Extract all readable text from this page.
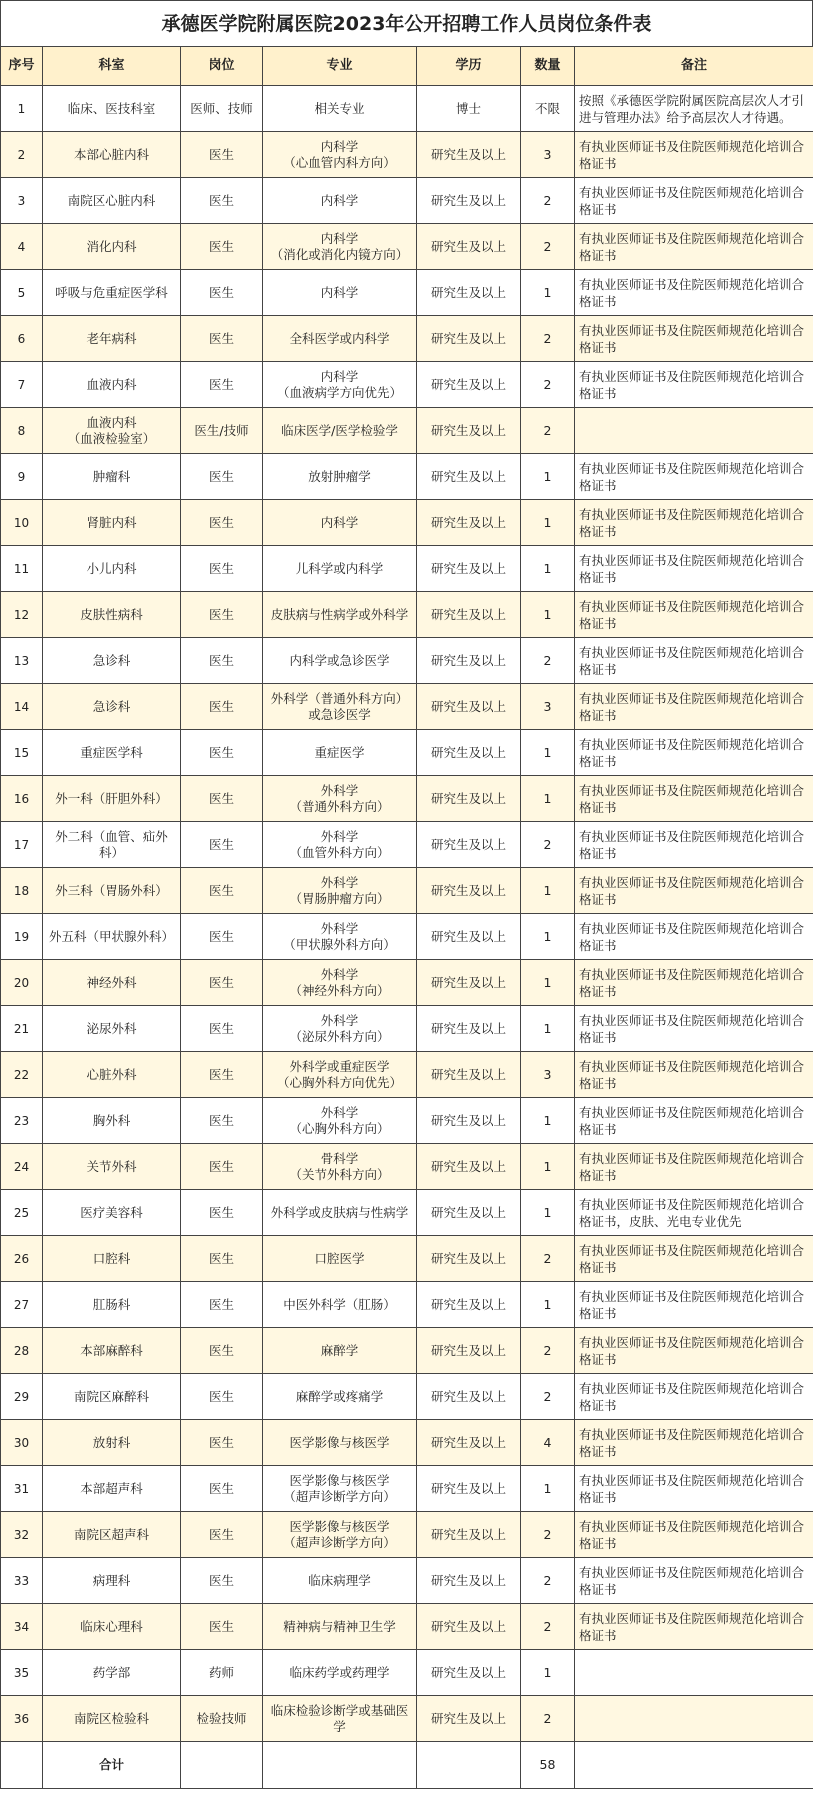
承德医学院附属医院2023年公开招聘工作人员岗位条件表
序号	科室	岗位	专业	学历	数量	备注
1	临床、医技科室	医师、技师	相关专业	博士	不限	按照《承德医学院附属医院高层次人才引进与管理办法》给予高层次人才待遇。
2	本部心脏内科	医生	内科学
（心血管内科方向）	研究生及以上	3	有执业医师证书及住院医师规范化培训合格证书
3	南院区心脏内科	医生	内科学	研究生及以上	2	有执业医师证书及住院医师规范化培训合格证书
4	消化内科	医生	内科学
（消化或消化内镜方向）	研究生及以上	2	有执业医师证书及住院医师规范化培训合格证书
5	呼吸与危重症医学科	医生	内科学	研究生及以上	1	有执业医师证书及住院医师规范化培训合格证书
6	老年病科	医生	全科医学或内科学	研究生及以上	2	有执业医师证书及住院医师规范化培训合格证书
7	血液内科	医生	内科学
（血液病学方向优先）	研究生及以上	2	有执业医师证书及住院医师规范化培训合格证书
8	血液内科
（血液检验室）	医生/技师	临床医学/医学检验学	研究生及以上	2	
9	肿瘤科	医生	放射肿瘤学	研究生及以上	1	有执业医师证书及住院医师规范化培训合格证书
10	肾脏内科	医生	内科学	研究生及以上	1	有执业医师证书及住院医师规范化培训合格证书
11	小儿内科	医生	儿科学或内科学	研究生及以上	1	有执业医师证书及住院医师规范化培训合格证书
12	皮肤性病科	医生	皮肤病与性病学或外科学	研究生及以上	1	有执业医师证书及住院医师规范化培训合格证书
13	急诊科	医生	内科学或急诊医学	研究生及以上	2	有执业医师证书及住院医师规范化培训合格证书
14	急诊科	医生	外科学（普通外科方向）
或急诊医学	研究生及以上	3	有执业医师证书及住院医师规范化培训合格证书
15	重症医学科	医生	重症医学	研究生及以上	1	有执业医师证书及住院医师规范化培训合格证书
16	外一科（肝胆外科）	医生	外科学
（普通外科方向）	研究生及以上	1	有执业医师证书及住院医师规范化培训合格证书
17	外二科（血管、疝外科）	医生	外科学
（血管外科方向）	研究生及以上	2	有执业医师证书及住院医师规范化培训合格证书
18	外三科（胃肠外科）	医生	外科学
（胃肠肿瘤方向）	研究生及以上	1	有执业医师证书及住院医师规范化培训合格证书
19	外五科（甲状腺外科）	医生	外科学
（甲状腺外科方向）	研究生及以上	1	有执业医师证书及住院医师规范化培训合格证书
20	神经外科	医生	外科学
（神经外科方向）	研究生及以上	1	有执业医师证书及住院医师规范化培训合格证书
21	泌尿外科	医生	外科学
（泌尿外科方向）	研究生及以上	1	有执业医师证书及住院医师规范化培训合格证书
22	心脏外科	医生	外科学或重症医学
（心胸外科方向优先）	研究生及以上	3	有执业医师证书及住院医师规范化培训合格证书
23	胸外科	医生	外科学
（心胸外科方向）	研究生及以上	1	有执业医师证书及住院医师规范化培训合格证书
24	关节外科	医生	骨科学
（关节外科方向）	研究生及以上	1	有执业医师证书及住院医师规范化培训合格证书
25	医疗美容科	医生	外科学或皮肤病与性病学	研究生及以上	1	有执业医师证书及住院医师规范化培训合格证书，皮肤、光电专业优先
26	口腔科	医生	口腔医学	研究生及以上	2	有执业医师证书及住院医师规范化培训合格证书
27	肛肠科	医生	中医外科学（肛肠）	研究生及以上	1	有执业医师证书及住院医师规范化培训合格证书
28	本部麻醉科	医生	麻醉学	研究生及以上	2	有执业医师证书及住院医师规范化培训合格证书
29	南院区麻醉科	医生	麻醉学或疼痛学	研究生及以上	2	有执业医师证书及住院医师规范化培训合格证书
30	放射科	医生	医学影像与核医学	研究生及以上	4	有执业医师证书及住院医师规范化培训合格证书
31	本部超声科	医生	医学影像与核医学
（超声诊断学方向）	研究生及以上	1	有执业医师证书及住院医师规范化培训合格证书
32	南院区超声科	医生	医学影像与核医学
（超声诊断学方向）	研究生及以上	2	有执业医师证书及住院医师规范化培训合格证书
33	病理科	医生	临床病理学	研究生及以上	2	有执业医师证书及住院医师规范化培训合格证书
34	临床心理科	医生	精神病与精神卫生学	研究生及以上	2	有执业医师证书及住院医师规范化培训合格证书
35	药学部	药师	临床药学或药理学	研究生及以上	1	
36	南院区检验科	检验技师	临床检验诊断学或基础医学	研究生及以上	2	
	合计				58	
